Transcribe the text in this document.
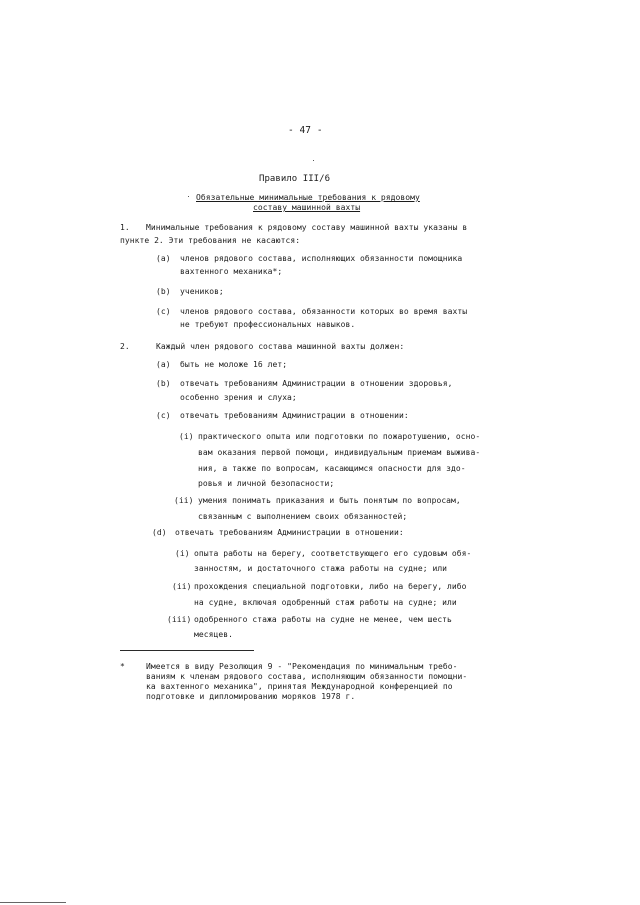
- 47 -
Правило III/6
Обязательные минимальные требования к рядовому
составу машинной вахты
1. Минимальные требования к рядовому составу машинной вахты указаны в
пункте 2. Эти требования не касаются:
(а) членов рядового состава, исполняющих обязанности помощника
вахтенного механика*;
(b) учеников;
(с) членов рядового состава, обязанности которых во время вахты
не требуют профессиональных навыков.
2.	Каждый член рядового состава машинной вахты должен:
(а) быть не моложе 16 лет;
(b) отвечать требованиям Администрации в отношении здоровья,
особенно зрения и слуха;
(с) отвечать требованиям Администрации в отношении:
(i) практического опыта или подготовки по пожаротушению, осно-
вам оказания первой помощи, индивидуальным приемам выжива-
ния, а также по вопросам, касающимся опасности для здо-
ровья и личной безопасности;
(ii) умения понимать приказания и быть понятым по вопросам,
связанным с выполнением своих обязанностей;
(d) отвечать требованиям Администрации в отношении:
(i) опыта работы на берегу, соответствующего его судовым обя-
занностям, и достаточного стажа работы на судне; или
(ii) прохождения специальной подготовки, либо на берегу, либо
на судне, включая одобренный стаж работы на судне; или
(iii) одобренного стажа работы на судне не менее, чем шесть
месяцев.
*	Имеется в виду Резолюция 9 - "Рекомендация по минимальным требо-
ваниям к членам рядового состава, исполняющим обязанности помощни-
ка вахтенного механика", принятая Международной конференцией по
подготовке и дипломированию моряков 1978 г.
